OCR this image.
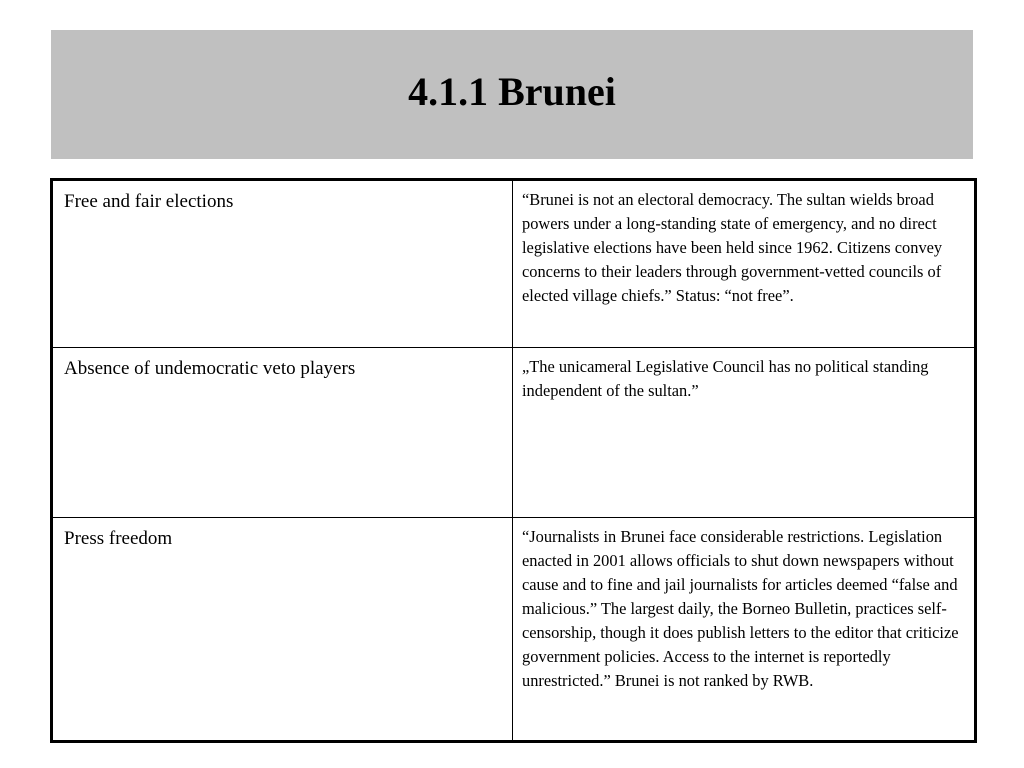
4.1.1 Brunei
Free and fair elections	“Brunei is not an electoral democracy. The sultan wields broad powers under a long-standing state of emergency, and no direct legislative elections have been held since 1962. Citizens convey concerns to their leaders through government-vetted councils of elected village chiefs.” Status: “not free”.

Absence of undemocratic veto players	„The unicameral Legislative Council has no political standing independent of the sultan.”

Press freedom	“Journalists in Brunei face considerable restrictions. Legislation enacted in 2001 allows officials to shut down newspapers without cause and to fine and jail journalists for articles deemed “false and malicious.” The largest daily, the Borneo Bulletin, practices self-censorship, though it does publish letters to the editor that criticize government policies. Access to the internet is reportedly unrestricted.” Brunei is not ranked by RWB.
